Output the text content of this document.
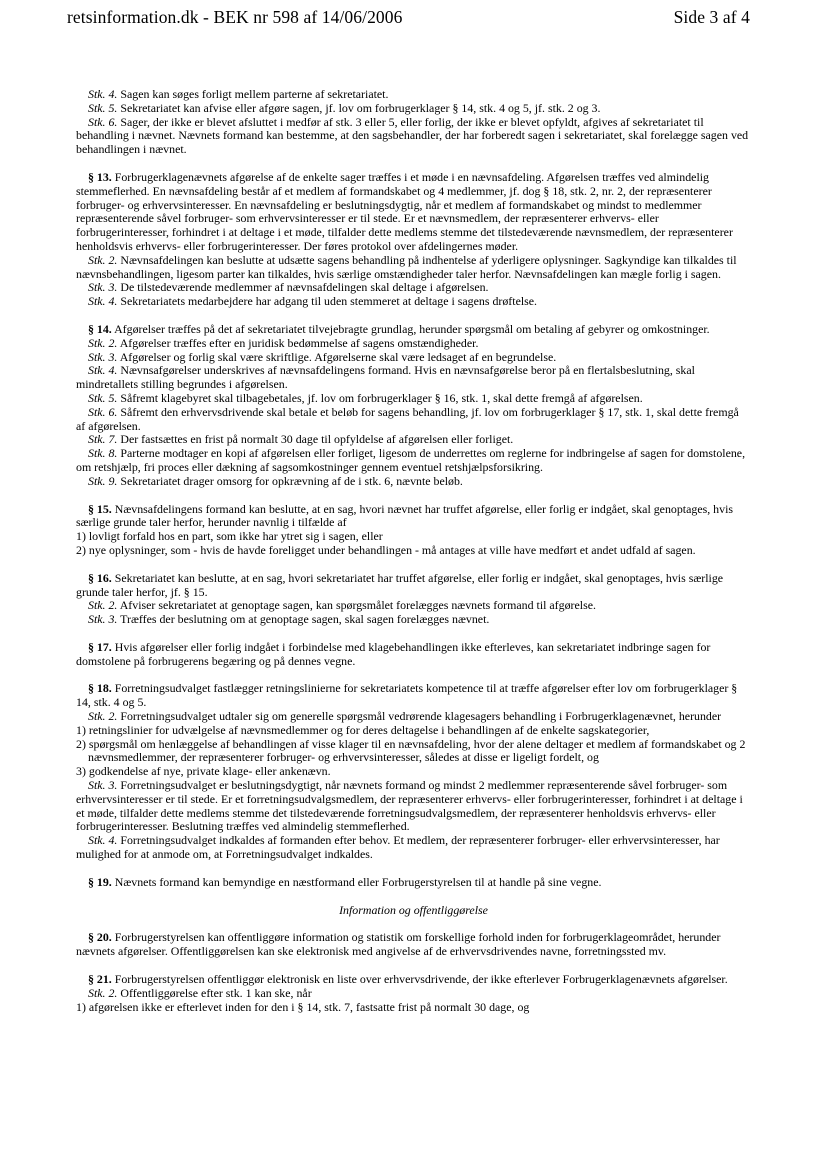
retsinformation.dk - BEK nr 598 af 14/06/2006	Side 3 af 4

Stk. 4. Sagen kan søges forligt mellem parterne af sekretariatet.

Stk. 5. Sekretariatet kan afvise eller afgøre sagen, jf. lov om forbrugerklager § 14, stk. 4 og 5, jf. stk. 2 og 3.

Stk. 6. Sager, der ikke er blevet afsluttet i medfør af stk. 3 eller 5, eller forlig, der ikke er blevet opfyldt, afgives af sekretariatet til behandling i nævnet. Nævnets formand kan bestemme, at den sagsbehandler, der har forberedt sagen i sekretariatet, skal forelægge sagen ved behandlingen i nævnet.

§ 13. Forbrugerklagenævnets afgørelse af de enkelte sager træffes i et møde i en nævnsafdeling. Afgørelsen træffes ved almindelig stemmeflerhed. En nævnsafdeling består af et medlem af formandskabet og 4 medlemmer, jf. dog § 18, stk. 2, nr. 2, der repræsenterer forbruger- og erhvervsinteresser. En nævnsafdeling er beslutningsdygtig, når et medlem af formandskabet og mindst to medlemmer repræsenterende såvel forbruger- som erhvervsinteresser er til stede. Er et nævnsmedlem, der repræsenterer erhvervs- eller forbrugerinteresser, forhindret i at deltage i et møde, tilfalder dette medlems stemme det tilstedeværende nævnsmedlem, der repræsenterer henholdsvis erhvervs- eller forbrugerinteresser. Der føres protokol over afdelingernes møder.

Stk. 2. Nævnsafdelingen kan beslutte at udsætte sagens behandling på indhentelse af yderligere oplysninger. Sagkyndige kan tilkaldes til nævnsbehandlingen, ligesom parter kan tilkaldes, hvis særlige omstændigheder taler herfor. Nævnsafdelingen kan mægle forlig i sagen.

Stk. 3. De tilstedeværende medlemmer af nævnsafdelingen skal deltage i afgørelsen.

Stk. 4. Sekretariatets medarbejdere har adgang til uden stemmeret at deltage i sagens drøftelse.

§ 14. Afgørelser træffes på det af sekretariatet tilvejebragte grundlag, herunder spørgsmål om betaling af gebyrer og omkostninger.

Stk. 2. Afgørelser træffes efter en juridisk bedømmelse af sagens omstændigheder.

Stk. 3. Afgørelser og forlig skal være skriftlige. Afgørelserne skal være ledsaget af en begrundelse.

Stk. 4. Nævnsafgørelser underskrives af nævnsafdelingens formand. Hvis en nævnsafgørelse beror på en flertalsbeslutning, skal mindretallets stilling begrundes i afgørelsen.

Stk. 5. Såfremt klagebyret skal tilbagebetales, jf. lov om forbrugerklager § 16, stk. 1, skal dette fremgå af afgørelsen.

Stk. 6. Såfremt den erhvervsdrivende skal betale et beløb for sagens behandling, jf. lov om forbrugerklager § 17, stk. 1, skal dette fremgå af afgørelsen.

Stk. 7. Der fastsættes en frist på normalt 30 dage til opfyldelse af afgørelsen eller forliget.

Stk. 8. Parterne modtager en kopi af afgørelsen eller forliget, ligesom de underrettes om reglerne for indbringelse af sagen for domstolene, om retshjælp, fri proces eller dækning af sagsomkostninger gennem eventuel retshjælpsforsikring.

Stk. 9. Sekretariatet drager omsorg for opkrævning af de i stk. 6, nævnte beløb.

§ 15. Nævnsafdelingens formand kan beslutte, at en sag, hvori nævnet har truffet afgørelse, eller forlig er indgået, skal genoptages, hvis særlige grunde taler herfor, herunder navnlig i tilfælde af

1) lovligt forfald hos en part, som ikke har ytret sig i sagen, eller

2) nye oplysninger, som - hvis de havde foreligget under behandlingen - må antages at ville have medført et andet udfald af sagen.

§ 16. Sekretariatet kan beslutte, at en sag, hvori sekretariatet har truffet afgørelse, eller forlig er indgået, skal genoptages, hvis særlige grunde taler herfor, jf. § 15.

Stk. 2. Afviser sekretariatet at genoptage sagen, kan spørgsmålet forelægges nævnets formand til afgørelse.

Stk. 3. Træffes der beslutning om at genoptage sagen, skal sagen forelægges nævnet.

§ 17. Hvis afgørelser eller forlig indgået i forbindelse med klagebehandlingen ikke efterleves, kan sekretariatet indbringe sagen for domstolene på forbrugerens begæring og på dennes vegne.

§ 18. Forretningsudvalget fastlægger retningslinierne for sekretariatets kompetence til at træffe afgørelser efter lov om forbrugerklager § 14, stk. 4 og 5.

Stk. 2. Forretningsudvalget udtaler sig om generelle spørgsmål vedrørende klagesagers behandling i Forbrugerklagenævnet, herunder

1) retningslinier for udvælgelse af nævnsmedlemmer og for deres deltagelse i behandlingen af de enkelte sagskategorier,

2) spørgsmål om henlæggelse af behandlingen af visse klager til en nævnsafdeling, hvor der alene deltager et medlem af formandskabet og 2 nævnsmedlemmer, der repræsenterer forbruger- og erhvervsinteresser, således at disse er ligeligt fordelt, og

3) godkendelse af nye, private klage- eller ankenævn.

Stk. 3. Forretningsudvalget er beslutningsdygtigt, når nævnets formand og mindst 2 medlemmer repræsenterende såvel forbruger- som erhvervsinteresser er til stede. Er et forretningsudvalgsmedlem, der repræsenterer erhvervs- eller forbrugerinteresser, forhindret i at deltage i et møde, tilfalder dette medlems stemme det tilstedeværende forretningsudvalgsmedlem, der repræsenterer henholdsvis erhvervs- eller forbrugerinteresser. Beslutning træffes ved almindelig stemmeflerhed.

Stk. 4. Forretningsudvalget indkaldes af formanden efter behov. Et medlem, der repræsenterer forbruger- eller erhvervsinteresser, har mulighed for at anmode om, at Forretningsudvalget indkaldes.

§ 19. Nævnets formand kan bemyndige en næstformand eller Forbrugerstyrelsen til at handle på sine vegne.

Information og offentliggørelse

§ 20. Forbrugerstyrelsen kan offentliggøre information og statistik om forskellige forhold inden for forbrugerklageområdet, herunder nævnets afgørelser. Offentliggørelsen kan ske elektronisk med angivelse af de erhvervsdrivendes navne, forretningssted mv.

§ 21. Forbrugerstyrelsen offentliggør elektronisk en liste over erhvervsdrivende, der ikke efterlever Forbrugerklagenævnets afgørelser.

Stk. 2. Offentliggørelse efter stk. 1 kan ske, når

1) afgørelsen ikke er efterlevet inden for den i § 14, stk. 7, fastsatte frist på normalt 30 dage, og
